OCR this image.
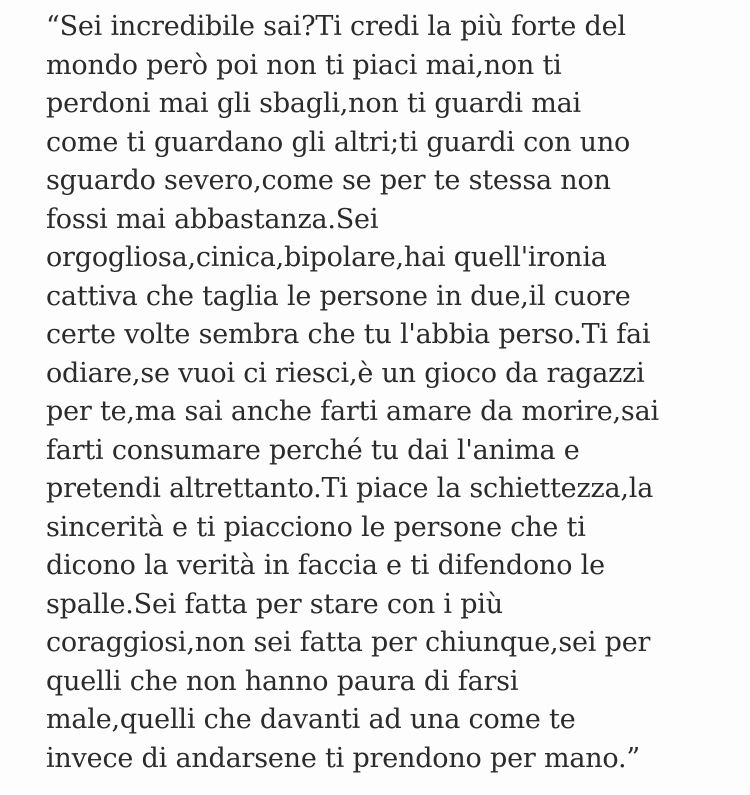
“Sei incredibile sai?Ti credi la più forte del
mondo però poi non ti piaci mai,non ti
perdoni mai gli sbagli,non ti guardi mai
come ti guardano gli altri;ti guardi con uno
sguardo severo,come se per te stessa non
fossi mai abbastanza.Sei
orgogliosa,cinica,bipolare,hai quell'ironia
cattiva che taglia le persone in due,il cuore
certe volte sembra che tu l'abbia perso.Ti fai
odiare,se vuoi ci riesci,è un gioco da ragazzi
per te,ma sai anche farti amare da morire,sai
farti consumare perché tu dai l'anima e
pretendi altrettanto.Ti piace la schiettezza,la
sincerità e ti piacciono le persone che ti
dicono la verità in faccia e ti difendono le
spalle.Sei fatta per stare con i più
coraggiosi,non sei fatta per chiunque,sei per
quelli che non hanno paura di farsi
male,quelli che davanti ad una come te
invece di andarsene ti prendono per mano.”
